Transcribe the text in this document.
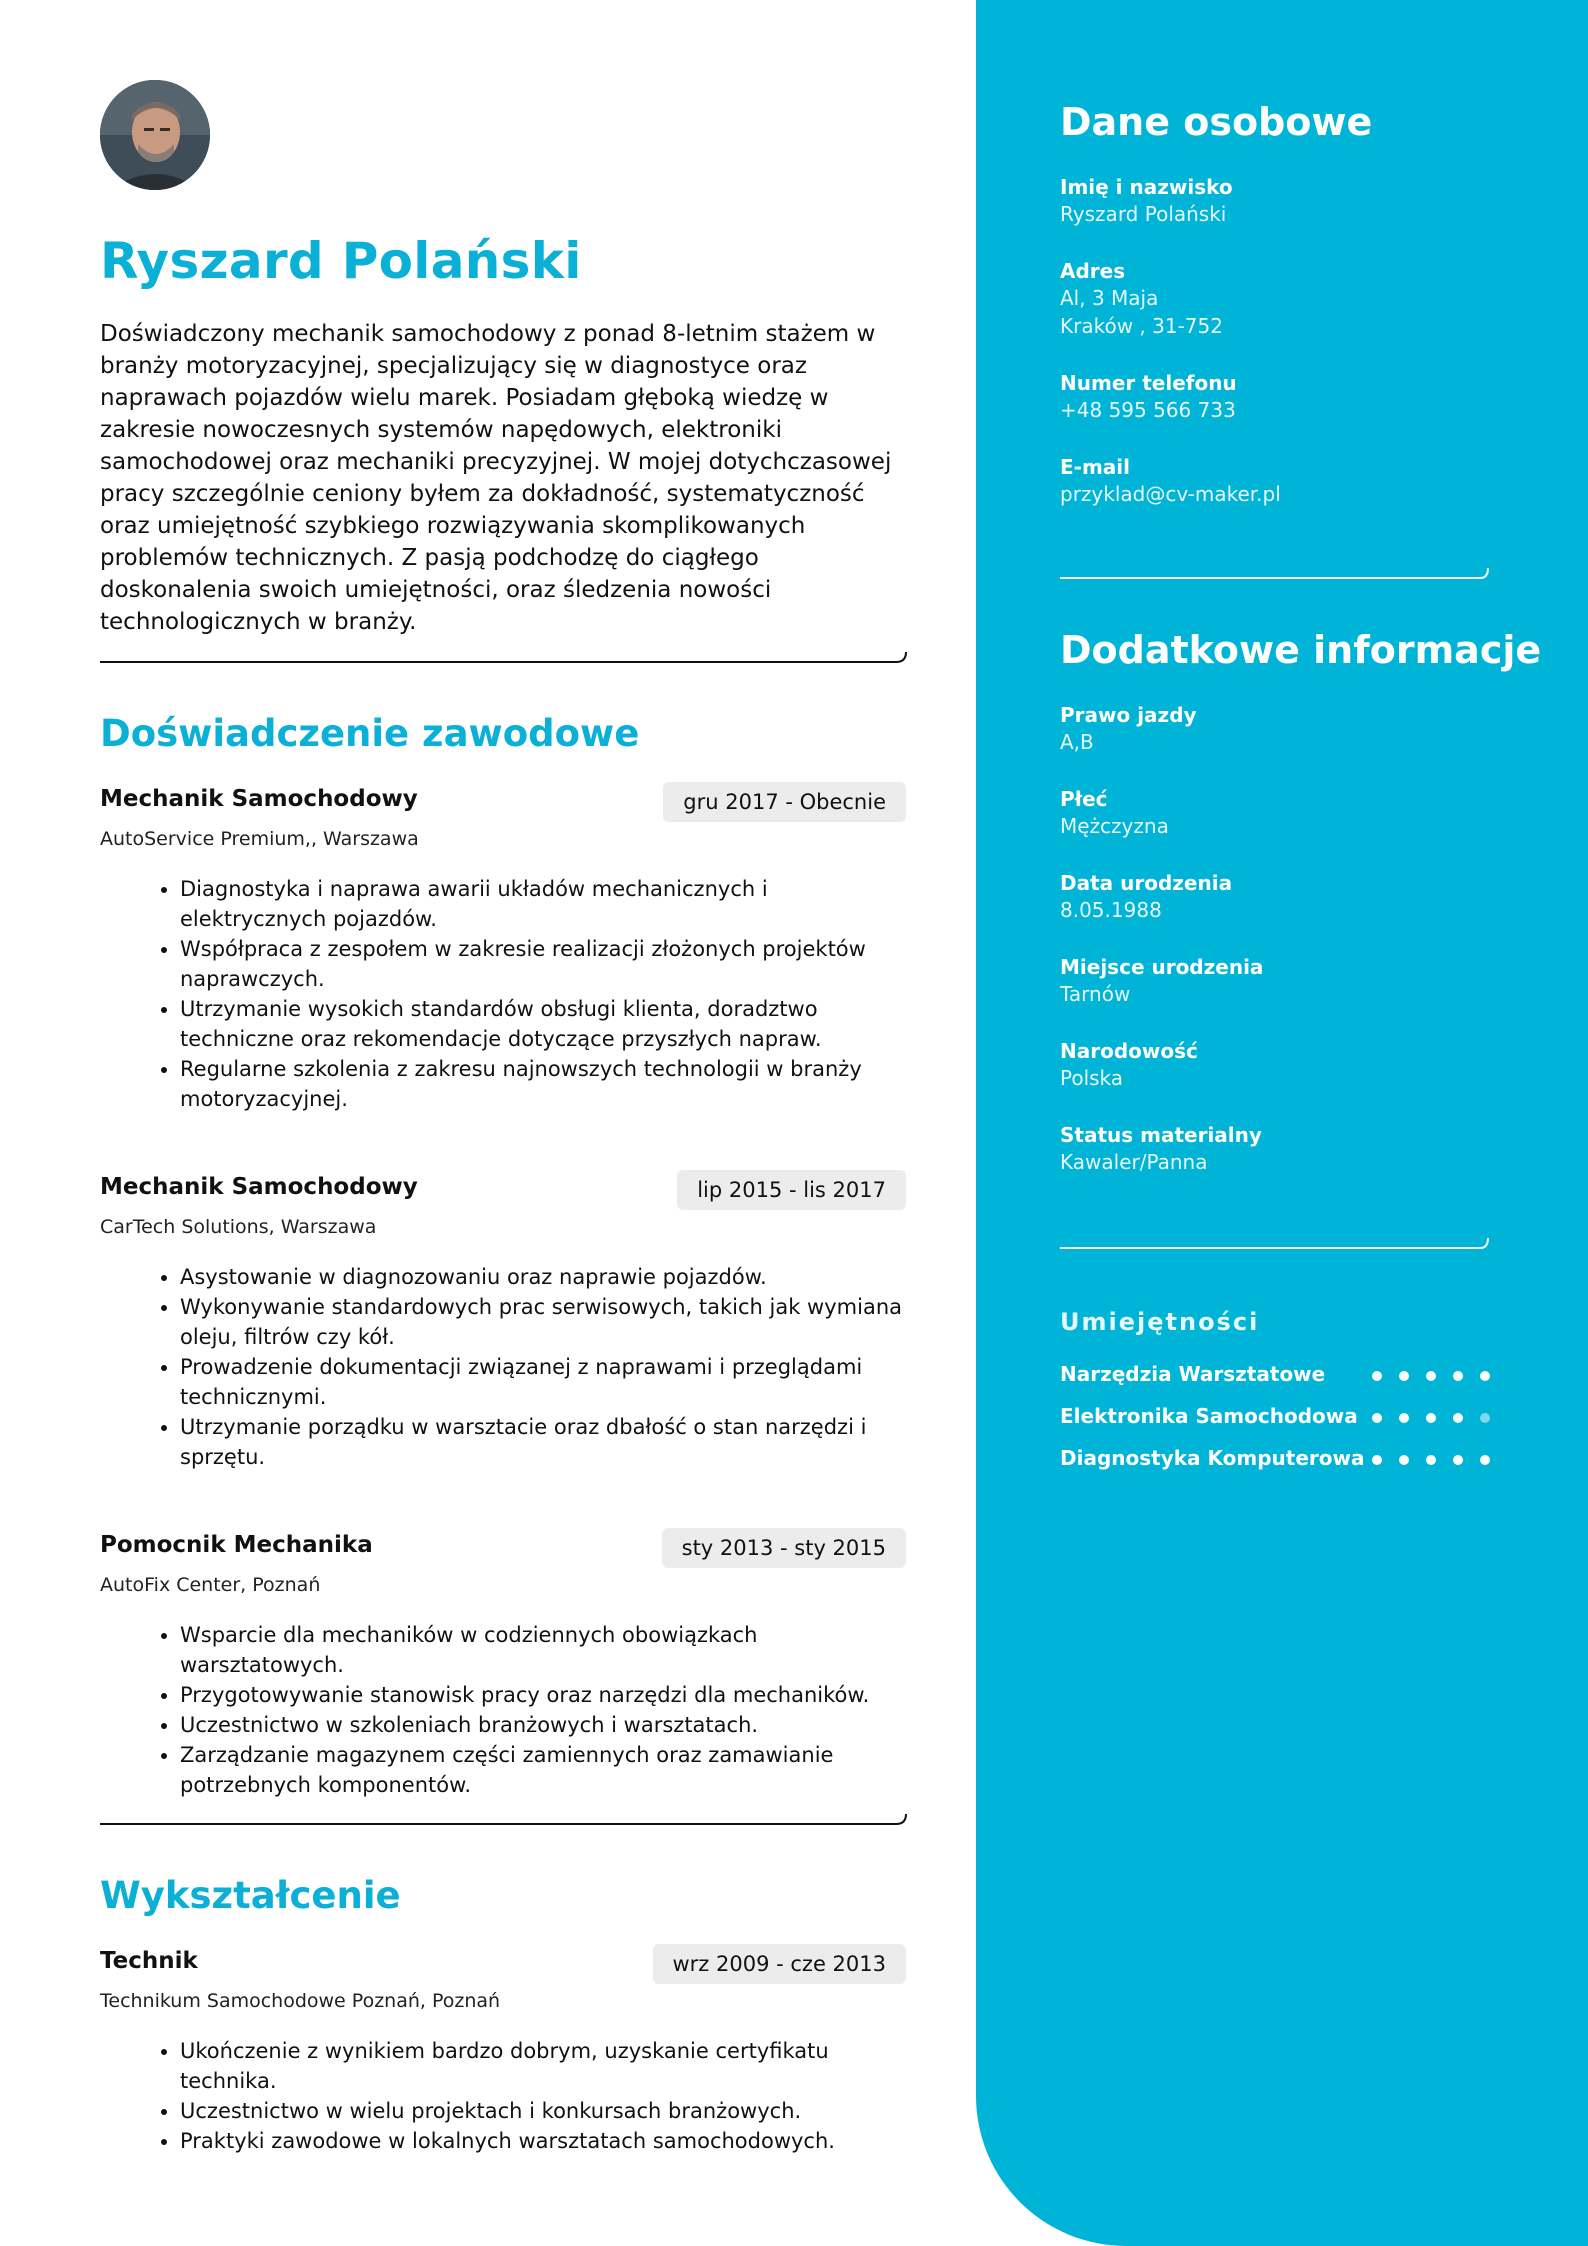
Ryszard Polański

Doświadczony mechanik samochodowy z ponad 8-letnim stażem w branży motoryzacyjnej, specjalizujący się w diagnostyce oraz naprawach pojazdów wielu marek. Posiadam głęboką wiedzę w zakresie nowoczesnych systemów napędowych, elektroniki samochodowej oraz mechaniki precyzyjnej. W mojej dotychczasowej pracy szczególnie ceniony byłem za dokładność, systematyczność oraz umiejętność szybkiego rozwiązywania skomplikowanych problemów technicznych. Z pasją podchodzę do ciągłego doskonalenia swoich umiejętności, oraz śledzenia nowości technologicznych w branży.

Doświadczenie zawodowe
Mechanik Samochodowy	gru 2017 - Obecnie
AutoService Premium,, Warszawa
• Diagnostyka i naprawa awarii układów mechanicznych i elektrycznych pojazdów.
• Współpraca z zespołem w zakresie realizacji złożonych projektów naprawczych.
• Utrzymanie wysokich standardów obsługi klienta, doradztwo techniczne oraz rekomendacje dotyczące przyszłych napraw.
• Regularne szkolenia z zakresu najnowszych technologii w branży motoryzacyjnej.
Mechanik Samochodowy	lip 2015 - lis 2017
CarTech Solutions, Warszawa
• Asystowanie w diagnozowaniu oraz naprawie pojazdów.
• Wykonywanie standardowych prac serwisowych, takich jak wymiana oleju, filtrów czy kół.
• Prowadzenie dokumentacji związanej z naprawami i przeglądami technicznymi.
• Utrzymanie porządku w warsztacie oraz dbałość o stan narzędzi i sprzętu.
Pomocnik Mechanika	sty 2013 - sty 2015
AutoFix Center, Poznań
• Wsparcie dla mechaników w codziennych obowiązkach warsztatowych.
• Przygotowywanie stanowisk pracy oraz narzędzi dla mechaników.
• Uczestnictwo w szkoleniach branżowych i warsztatach.
• Zarządzanie magazynem części zamiennych oraz zamawianie potrzebnych komponentów.
Wykształcenie
Technik	wrz 2009 - cze 2013
Technikum Samochodowe Poznań, Poznań
• Ukończenie z wynikiem bardzo dobrym, uzyskanie certyfikatu technika.
• Uczestnictwo w wielu projektach i konkursach branżowych.
• Praktyki zawodowe w lokalnych warsztatach samochodowych.
Dane osobowe
Imię i nazwisko
Ryszard Polański
Adres
Al, 3 Maja
Kraków , 31-752
Numer telefonu
+48 595 566 733
E-mail
przyklad@cv-maker.pl
Dodatkowe informacje
Prawo jazdy
A,B
Płeć
Mężczyzna
Data urodzenia
8.05.1988
Miejsce urodzenia
Tarnów
Narodowość
Polska
Status materialny
Kawaler/Panna
Umiejętności
Narzędzia Warsztatowe
Elektronika Samochodowa
Diagnostyka Komputerowa
